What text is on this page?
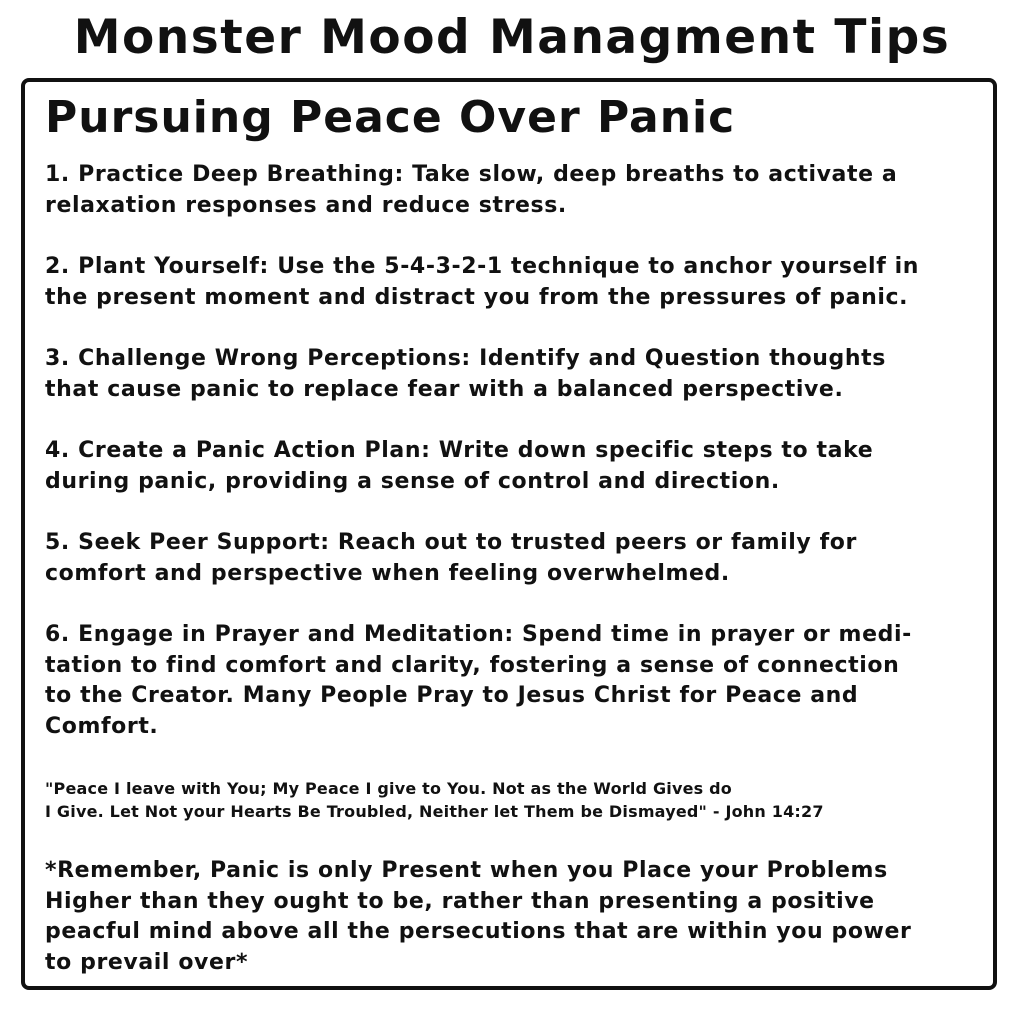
Monster Mood Managment Tips
Pursuing Peace Over Panic

1. Practice Deep Breathing: Take slow, deep breaths to activate a
relaxation responses and reduce stress.

2. Plant Yourself: Use the 5-4-3-2-1 technique to anchor yourself in
the present moment and distract you from the pressures of panic.

3. Challenge Wrong Perceptions: Identify and Question thoughts
that cause panic to replace fear with a balanced perspective.

4. Create a Panic Action Plan: Write down specific steps to take
during panic, providing a sense of control and direction.

5. Seek Peer Support: Reach out to trusted peers or family for
comfort and perspective when feeling overwhelmed.

6. Engage in Prayer and Meditation: Spend time in prayer or medi-
tation to find comfort and clarity, fostering a sense of connection
to the Creator. Many People Pray to Jesus Christ for Peace and
Comfort.

"Peace I leave with You; My Peace I give to You. Not as the World Gives do
I Give. Let Not your Hearts Be Troubled, Neither let Them be Dismayed" - John 14:27

*Remember, Panic is only Present when you Place your Problems
Higher than they ought to be, rather than presenting a positive
peacful mind above all the persecutions that are within you power
to prevail over*
